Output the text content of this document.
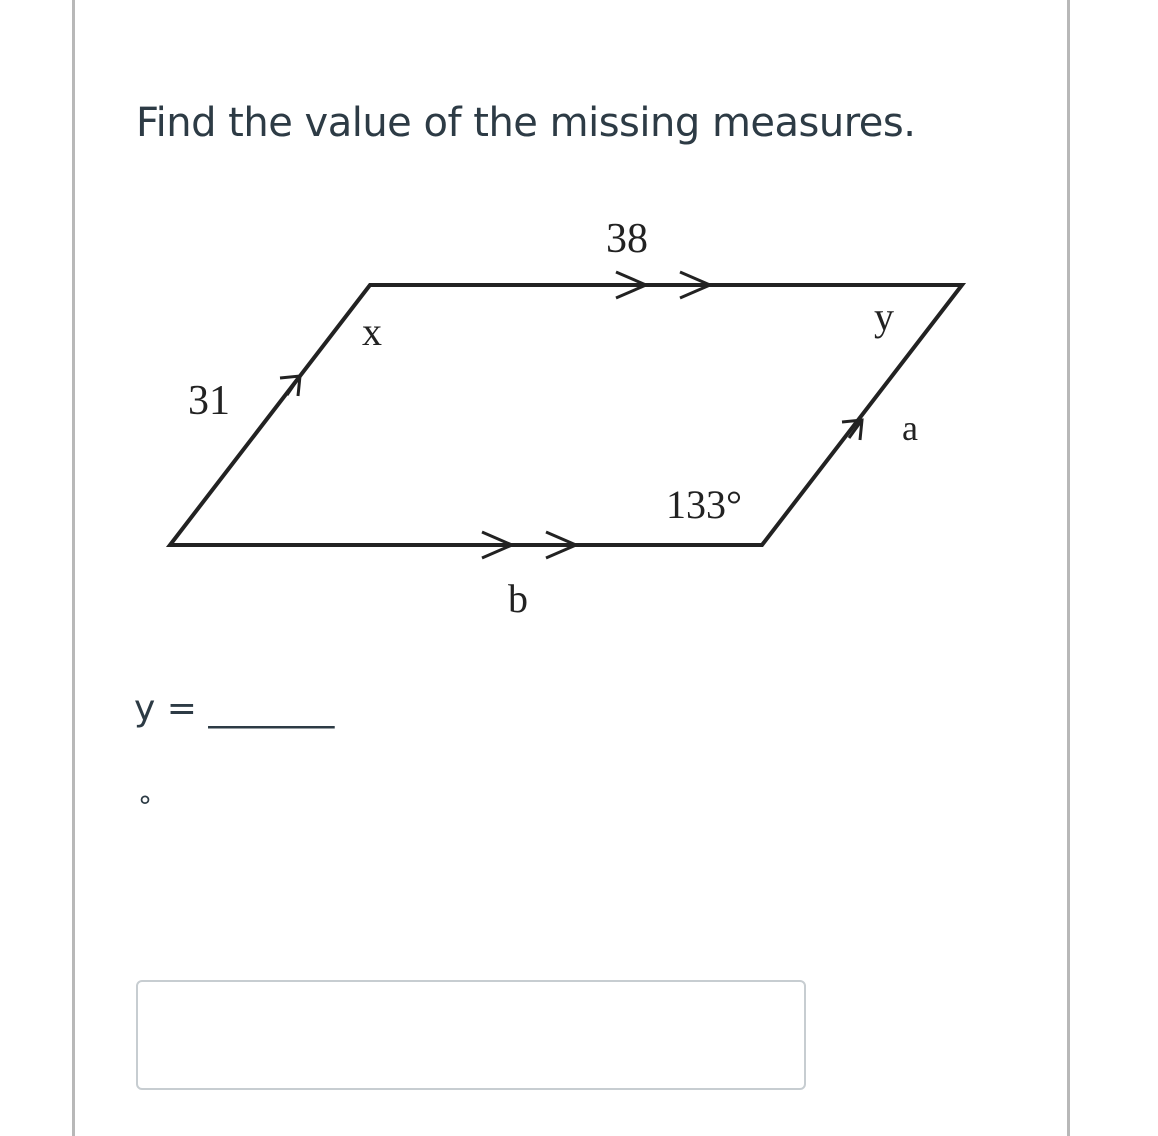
Find the value of the missing measures.
38
31
x	y
a
133°
b
y = _______
°
